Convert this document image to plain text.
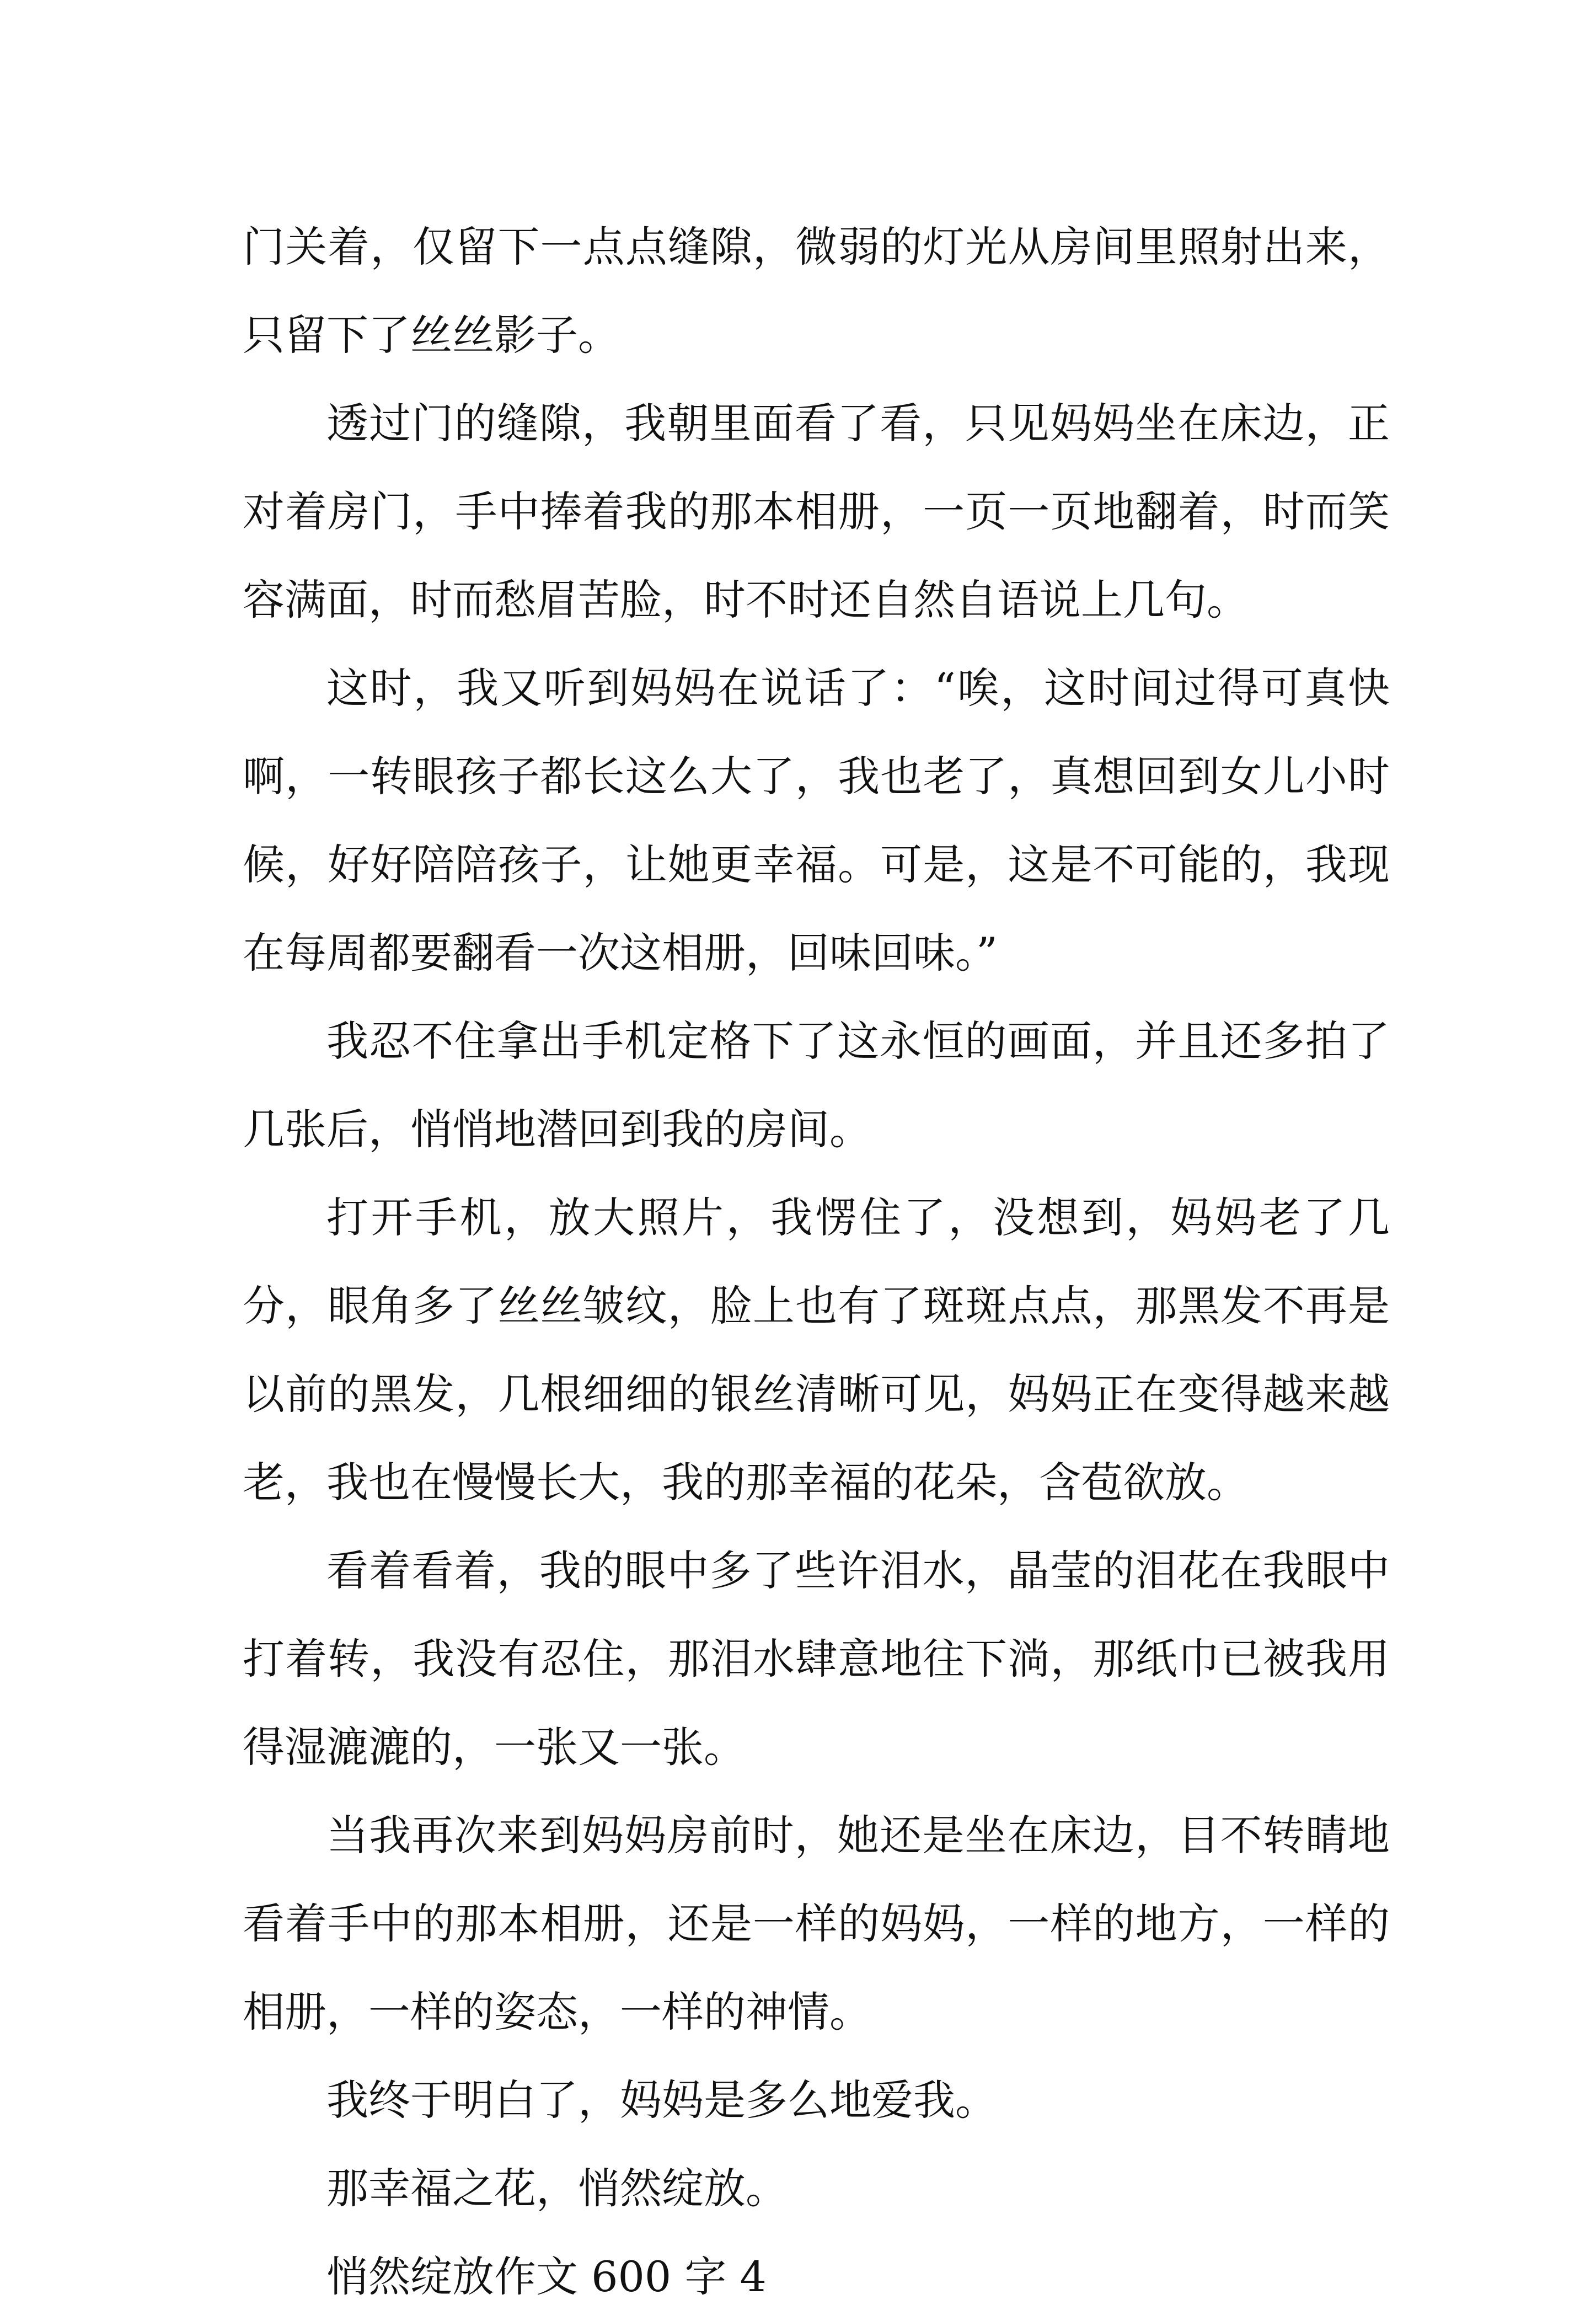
门关着，仅留下一点点缝隙，微弱的灯光从房间里照射出来，只留下了丝丝影子。

透过门的缝隙，我朝里面看了看，只见妈妈坐在床边，正对着房门，手中捧着我的那本相册，一页一页地翻着，时而笑容满面，时而愁眉苦脸，时不时还自然自语说上几句。

这时，我又听到妈妈在说话了：“唉，这时间过得可真快啊，一转眼孩子都长这么大了，我也老了，真想回到女儿小时候，好好陪陪孩子，让她更幸福。可是，这是不可能的，我现在每周都要翻看一次这相册，回味回味。”

我忍不住拿出手机定格下了这永恒的画面，并且还多拍了几张后，悄悄地潜回到我的房间。

打开手机，放大照片，我愣住了，没想到，妈妈老了几分，眼角多了丝丝皱纹，脸上也有了斑斑点点，那黑发不再是以前的黑发，几根细细的银丝清晰可见，妈妈正在变得越来越老，我也在慢慢长大，我的那幸福的花朵，含苞欲放。

看着看着，我的眼中多了些许泪水，晶莹的泪花在我眼中打着转，我没有忍住，那泪水肆意地往下淌，那纸巾已被我用得湿漉漉的，一张又一张。

当我再次来到妈妈房前时，她还是坐在床边，目不转睛地看着手中的那本相册，还是一样的妈妈，一样的地方，一样的相册，一样的姿态，一样的神情。

我终于明白了，妈妈是多么地爱我。

那幸福之花，悄然绽放。

悄然绽放作文 600 字 4
